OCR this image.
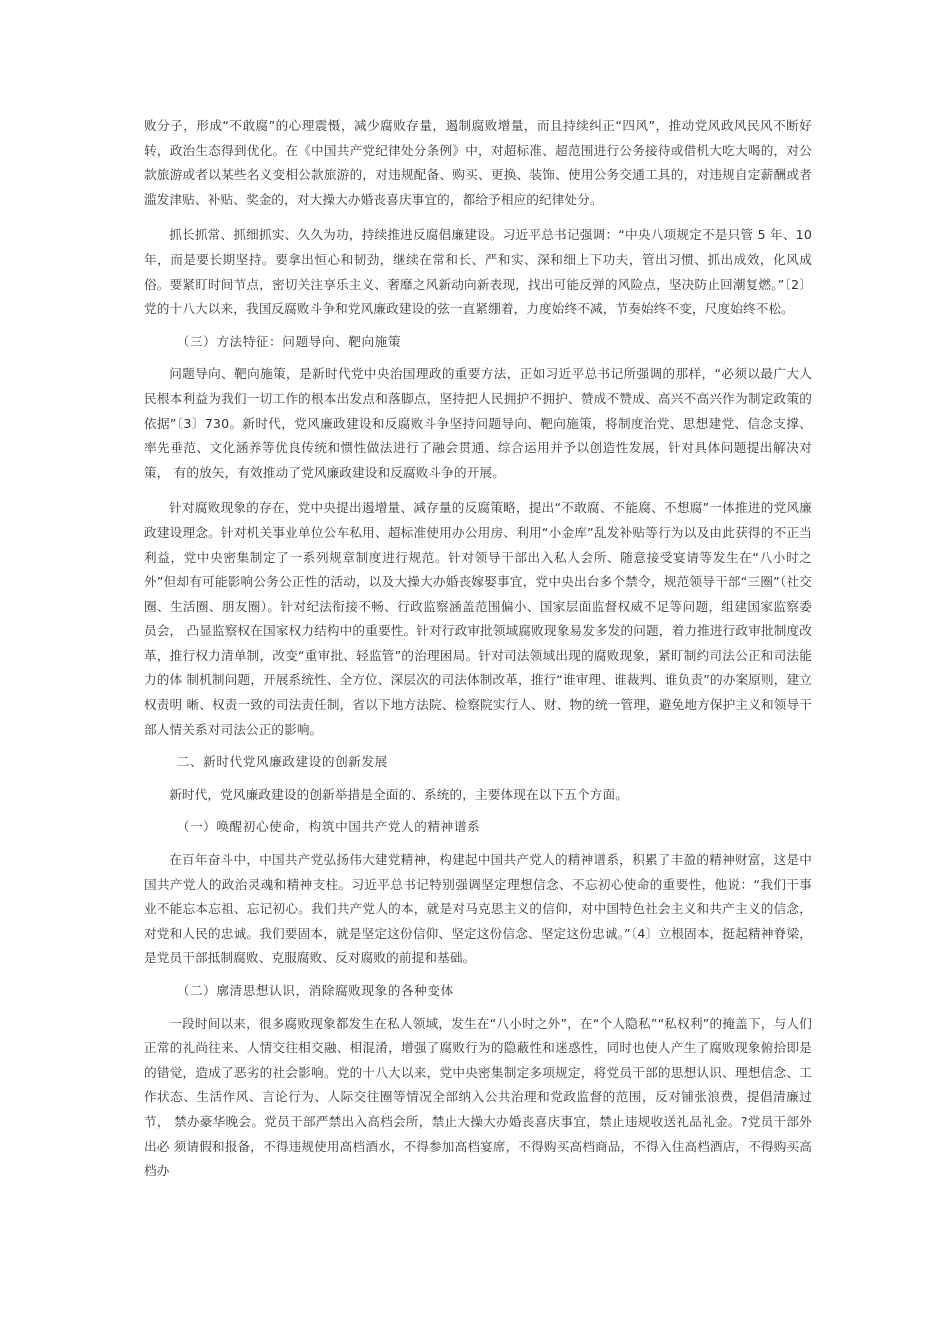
败分子，形成“不敢腐”的心理震慑，减少腐败存量，遏制腐败增量，而且持续纠正“四风”，推动党风政风民风不断好转，政治生态得到优化。在《中国共产党纪律处分条例》中，对超标准、超范围进行公务接待或借机大吃大喝的，对公款旅游或者以某些名义变相公款旅游的，对违规配备、购买、更换、装饰、使用公务交通工具的，对违规自定薪酬或者滥发津贴、补贴、奖金的，对大操大办婚丧喜庆事宜的，都给予相应的纪律处分。

抓长抓常、抓细抓实、久久为功，持续推进反腐倡廉建设。习近平总书记强调：“中央八项规定不是只管 5 年、10 年，而是要长期坚持。要拿出恒心和韧劲，继续在常和长、严和实、深和细上下功夫，管出习惯、抓出成效，化风成俗。要紧盯时间节点，密切关注享乐主义、奢靡之风新动向新表现，找出可能反弹的风险点，坚决防止回潮复燃。”〔2〕党的十八大以来，我国反腐败斗争和党风廉政建设的弦一直紧绷着，力度始终不减，节奏始终不变，尺度始终不松。

（三）方法特征：问题导向、靶向施策

问题导向、靶向施策，是新时代党中央治国理政的重要方法，正如习近平总书记所强调的那样，“必须以最广大人民根本利益为我们一切工作的根本出发点和落脚点，坚持把人民拥护不拥护、赞成不赞成、高兴不高兴作为制定政策的依据”〔3〕730。新时代，党风廉政建设和反腐败斗争坚持问题导向、靶向施策，将制度治党、思想建党、信念支撑、 率先垂范、文化涵养等优良传统和惯性做法进行了融会贯通、综合运用并予以创造性发展，针对具体问题提出解决对策， 有的放矢，有效推动了党风廉政建设和反腐败斗争的开展。

针对腐败现象的存在，党中央提出遏增量、减存量的反腐策略，提出“不敢腐、不能腐、不想腐”一体推进的党风廉政建设理念。针对机关事业单位公车私用、超标准使用办公用房、利用“小金库”乱发补贴等行为以及由此获得的不正当 利益，党中央密集制定了一系列规章制度进行规范。针对领导干部出入私人会所、随意接受宴请等发生在“八小时之外”但却有可能影响公务公正性的活动，以及大操大办婚丧嫁娶事宜，党中央出台多个禁令，规范领导干部“三圈”（社交圈、生活圈、朋友圈）。针对纪法衔接不畅、行政监察涵盖范围偏小、国家层面监督权威不足等问题，组建国家监察委员会， 凸显监察权在国家权力结构中的重要性。针对行政审批领域腐败现象易发多发的问题，着力推进行政审批制度改革，推行权力清单制，改变“重审批、轻监管”的治理困局。针对司法领域出现的腐败现象，紧盯制约司法公正和司法能力的体 制机制问题，开展系统性、全方位、深层次的司法体制改革，推行“谁审理、谁裁判、谁负责”的办案原则，建立权责明 晰、权责一致的司法责任制，省以下地方法院、检察院实行人、财、物的统一管理，避免地方保护主义和领导干部人情关系对司法公正的影响。

二、新时代党风廉政建设的创新发展

新时代，党风廉政建设的创新举措是全面的、系统的，主要体现在以下五个方面。

（一）唤醒初心使命，构筑中国共产党人的精神谱系

在百年奋斗中，中国共产党弘扬伟大建党精神，构建起中国共产党人的精神谱系，积累了丰盈的精神财富，这是中国共产党人的政治灵魂和精神支柱。习近平总书记特别强调坚定理想信念、不忘初心使命的重要性，他说：“我们干事业不能忘本忘祖、忘记初心。我们共产党人的本，就是对马克思主义的信仰，对中国特色社会主义和共产主义的信念， 对党和人民的忠诚。我们要固本，就是坚定这份信仰、坚定这份信念、坚定这份忠诚。”〔4〕立根固本，挺起精神脊梁，是党员干部抵制腐败、克服腐败、反对腐败的前提和基础。

（二）廓清思想认识，消除腐败现象的各种变体

一段时间以来，很多腐败现象都发生在私人领域，发生在“八小时之外”，在“个人隐私”“私权利”的掩盖下，与人们 正常的礼尚往来、人情交往相交融、相混淆，增强了腐败行为的隐蔽性和迷惑性，同时也使人产生了腐败现象俯拾即是的错觉，造成了恶劣的社会影响。党的十八大以来，党中央密集制定多项规定，将党员干部的思想认识、理想信念、工作状态、生活作风、言论行为、人际交往圈等情况全部纳入公共治理和党政监督的范围，反对铺张浪费，提倡清廉过节， 禁办豪华晚会。党员干部严禁出入高档会所，禁止大操大办婚丧喜庆事宜，禁止违规收送礼品礼金。?党员干部外出必 须请假和报备，不得违规使用高档酒水，不得参加高档宴席，不得购买高档商品，不得入住高档酒店，不得购买高档办
